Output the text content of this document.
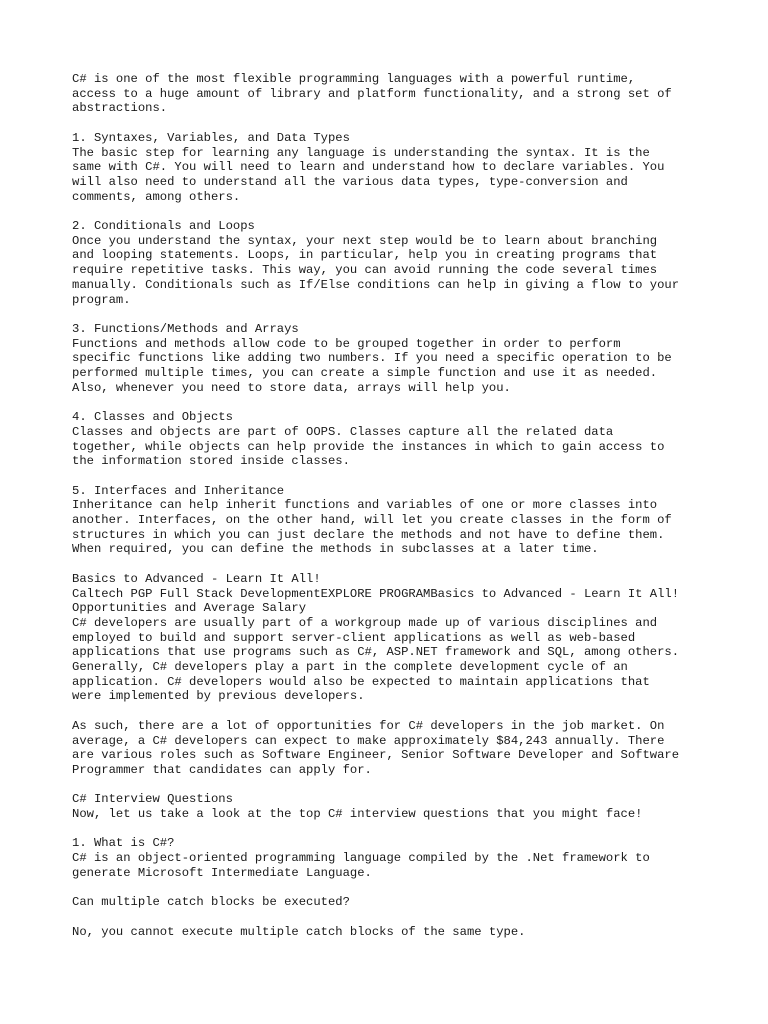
C# is one of the most flexible programming languages with a powerful runtime,
access to a huge amount of library and platform functionality, and a strong set of
abstractions.
1. Syntaxes, Variables, and Data Types
The basic step for learning any language is understanding the syntax. It is the
same with C#. You will need to learn and understand how to declare variables. You
will also need to understand all the various data types, type-conversion and
comments, among others.
2. Conditionals and Loops
Once you understand the syntax, your next step would be to learn about branching
and looping statements. Loops, in particular, help you in creating programs that
require repetitive tasks. This way, you can avoid running the code several times
manually. Conditionals such as If/Else conditions can help in giving a flow to your
program.
3. Functions/Methods and Arrays
Functions and methods allow code to be grouped together in order to perform
specific functions like adding two numbers. If you need a specific operation to be
performed multiple times, you can create a simple function and use it as needed.
Also, whenever you need to store data, arrays will help you.
4. Classes and Objects
Classes and objects are part of OOPS. Classes capture all the related data
together, while objects can help provide the instances in which to gain access to
the information stored inside classes.
5. Interfaces and Inheritance
Inheritance can help inherit functions and variables of one or more classes into
another. Interfaces, on the other hand, will let you create classes in the form of
structures in which you can just declare the methods and not have to define them.
When required, you can define the methods in subclasses at a later time.
Basics to Advanced - Learn It All!
Caltech PGP Full Stack DevelopmentEXPLORE PROGRAMBasics to Advanced - Learn It All!
Opportunities and Average Salary
C# developers are usually part of a workgroup made up of various disciplines and
employed to build and support server-client applications as well as web-based
applications that use programs such as C#, ASP.NET framework and SQL, among others.
Generally, C# developers play a part in the complete development cycle of an
application. C# developers would also be expected to maintain applications that
were implemented by previous developers.
As such, there are a lot of opportunities for C# developers in the job market. On
average, a C# developers can expect to make approximately $84,243 annually. There
are various roles such as Software Engineer, Senior Software Developer and Software
Programmer that candidates can apply for.
C# Interview Questions
Now, let us take a look at the top C# interview questions that you might face!
1. What is C#?
C# is an object-oriented programming language compiled by the .Net framework to
generate Microsoft Intermediate Language.
Can multiple catch blocks be executed?
No, you cannot execute multiple catch blocks of the same type.
